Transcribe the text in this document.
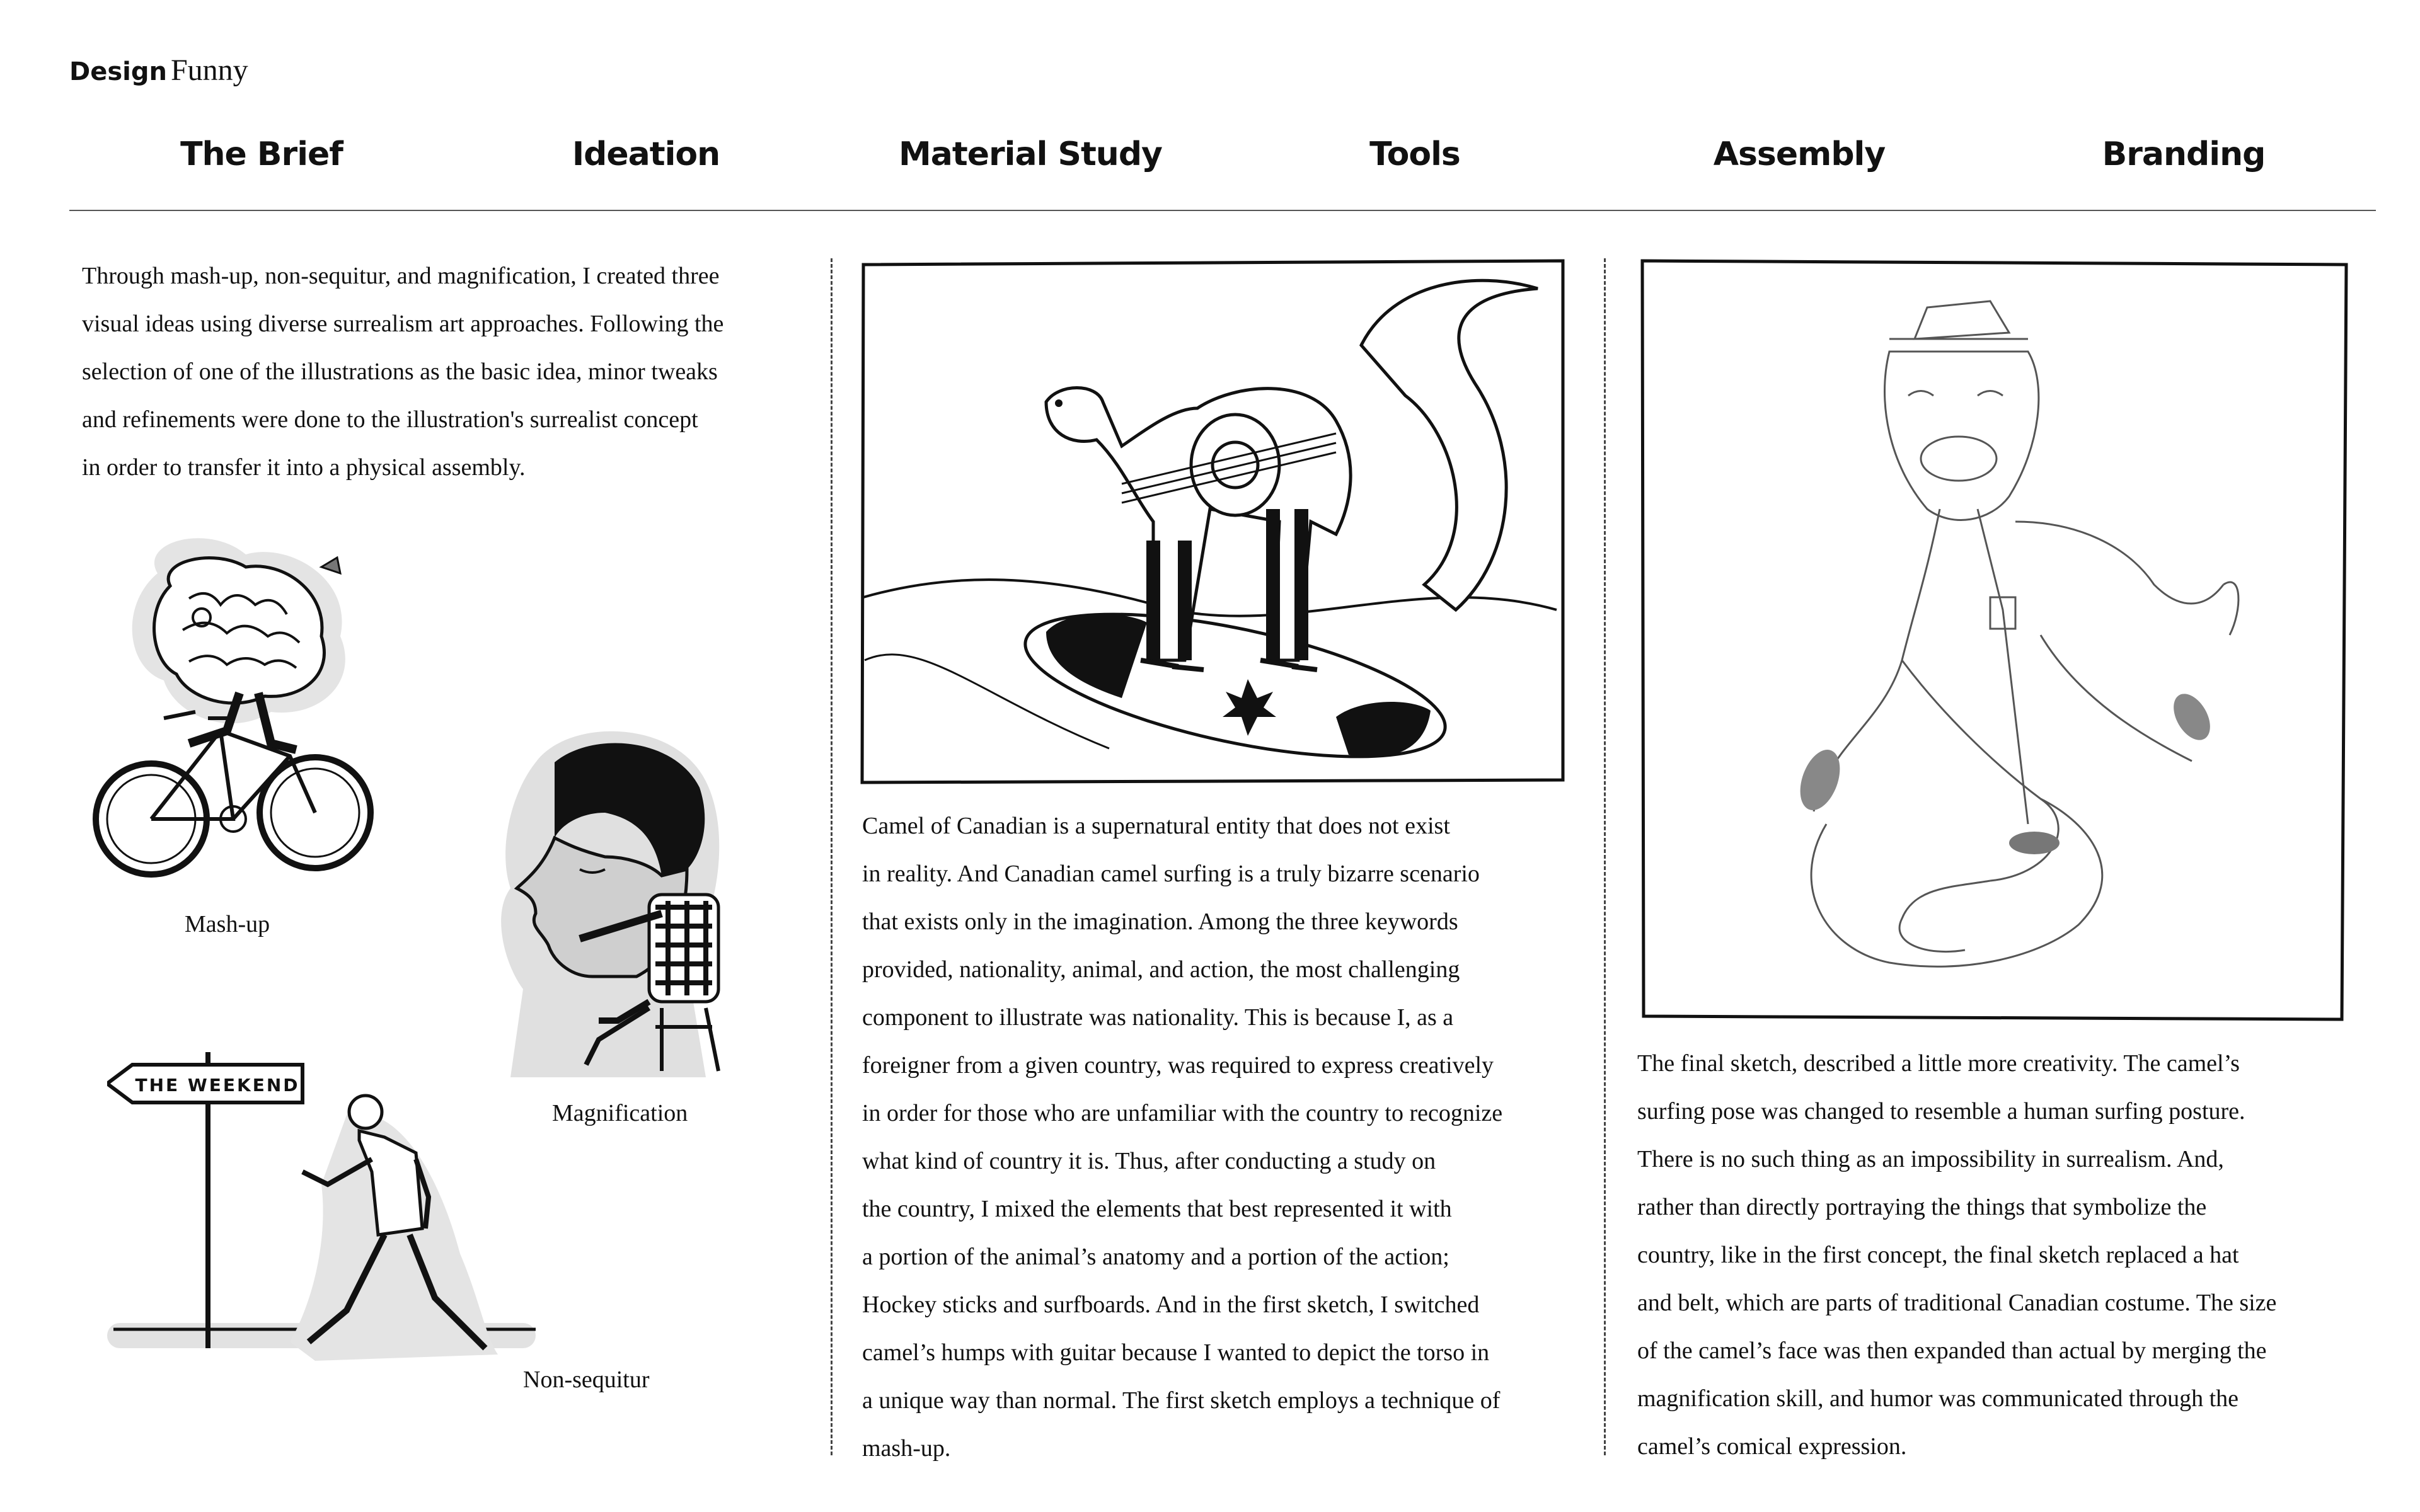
Design Funny
The Brief	Ideation	Material Study	Tools	Assembly	Branding
Through mash-up, non-sequitur, and magnification, I created three
visual ideas using diverse surrealism art approaches. Following the
selection of one of the illustrations as the basic idea, minor tweaks
and refinements were done to the illustration's surrealist concept
in order to transfer it into a physical assembly.
Mash-up
Magnification
THE WEEKEND
Non-sequitur
Camel of Canadian is a supernatural entity that does not exist
in reality. And Canadian camel surfing is a truly bizarre scenario
that exists only in the imagination. Among the three keywords
provided, nationality, animal, and action, the most challenging
component to illustrate was nationality. This is because I, as a
foreigner from a given country, was required to express creatively
in order for those who are unfamiliar with the country to recognize
what kind of country it is. Thus, after conducting a study on
the country, I mixed the elements that best represented it with
a portion of the animal’s anatomy and a portion of the action;
Hockey sticks and surfboards. And in the first sketch, I switched
camel’s humps with guitar because I wanted to depict the torso in
a unique way than normal. The first sketch employs a technique of
mash-up.
The final sketch, described a little more creativity. The camel’s
surfing pose was changed to resemble a human surfing posture.
There is no such thing as an impossibility in surrealism. And,
rather than directly portraying the things that symbolize the
country, like in the first concept, the final sketch replaced a hat
and belt, which are parts of traditional Canadian costume. The size
of the camel’s face was then expanded than actual by merging the
magnification skill, and humor was communicated through the
camel’s comical expression.
